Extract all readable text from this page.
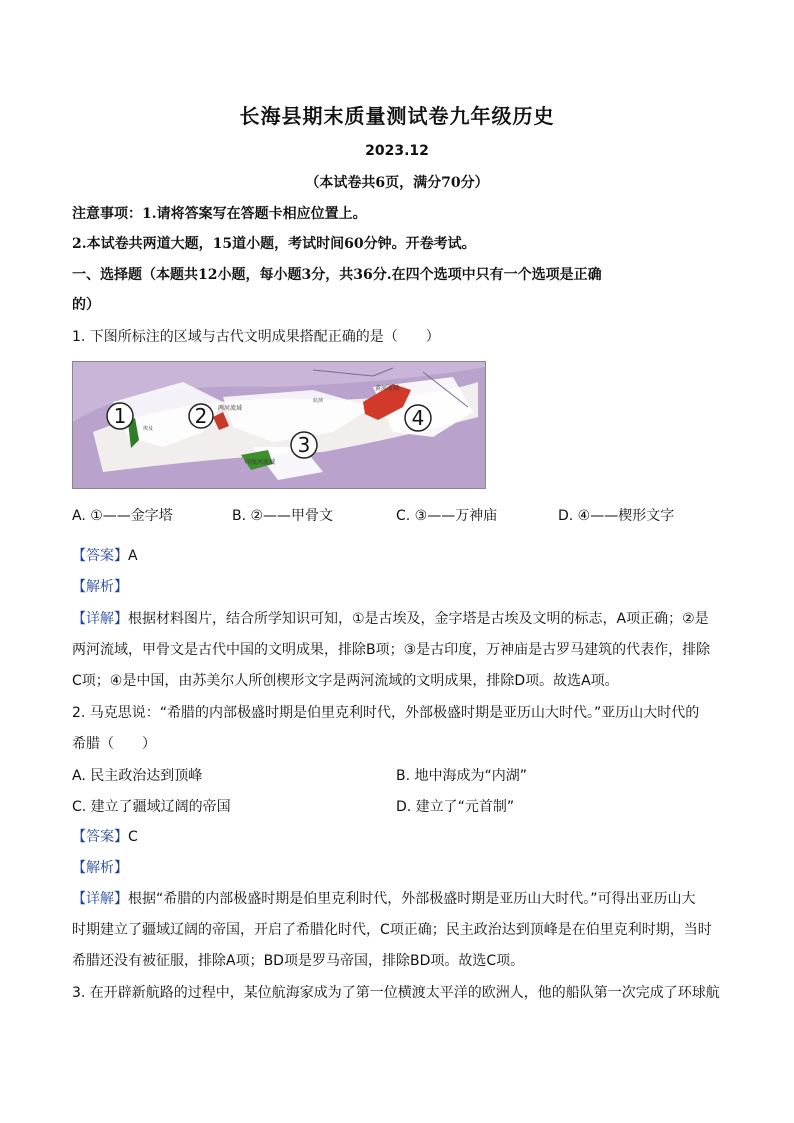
长海县期末质量测试卷九年级历史
2023.12
（本试卷共6页，满分70分）
注意事项：1.请将答案写在答题卡相应位置上。
2.本试卷共两道大题，15道小题，考试时间60分钟。开卷考试。
一、选择题（本题共12小题，每小题3分，共36分.在四个选项中只有一个选项是正确
的）
1. 下图所标注的区域与古代文明成果搭配正确的是（　　）
1	2
3
4
黄河流域
印度河流域
两河流域
埃及
航测
A. ①——金字塔	B. ②——甲骨文	C. ③——万神庙	D. ④——楔形文字
【答案】A
【解析】
【详解】根据材料图片，结合所学知识可知，①是古埃及，金字塔是古埃及文明的标志，A项正确；②是
两河流域，甲骨文是古代中国的文明成果，排除B项；③是古印度，万神庙是古罗马建筑的代表作，排除
C项；④是中国，由苏美尔人所创楔形文字是两河流域的文明成果，排除D项。故选A项。
2. 马克思说：“希腊的内部极盛时期是伯里克利时代，外部极盛时期是亚历山大时代。”亚历山大时代的
希腊（　　）
A. 民主政治达到顶峰	B. 地中海成为“内湖”
C. 建立了疆域辽阔的帝国	D. 建立了“元首制”
【答案】C
【解析】
【详解】根据“希腊的内部极盛时期是伯里克利时代，外部极盛时期是亚历山大时代。”可得出亚历山大
时期建立了疆域辽阔的帝国，开启了希腊化时代，C项正确；民主政治达到顶峰是在伯里克利时期，当时
希腊还没有被征服，排除A项；BD项是罗马帝国，排除BD项。故选C项。
3. 在开辟新航路的过程中，某位航海家成为了第一位横渡太平洋的欧洲人，他的船队第一次完成了环球航
